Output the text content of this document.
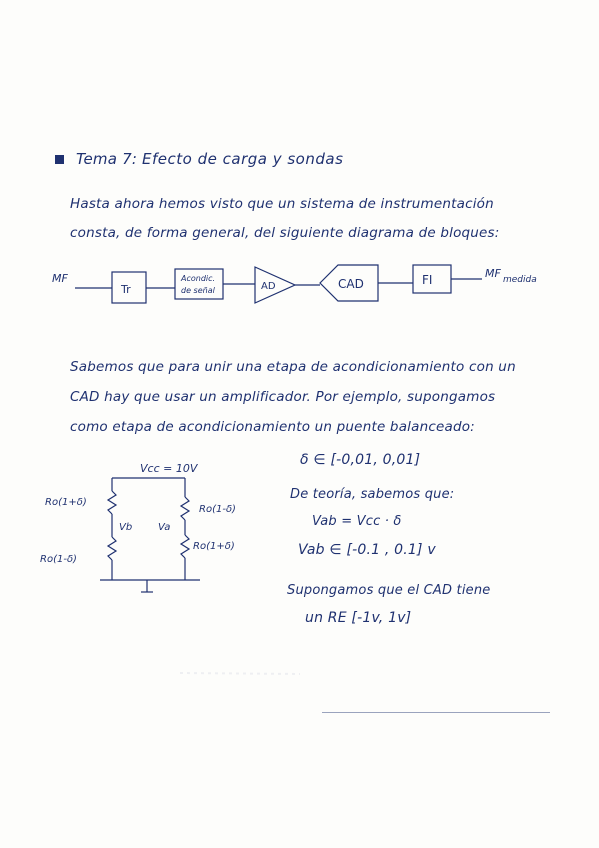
Tema 7: Efecto de carga y sondas
Hasta ahora hemos visto que un sistema de instrumentación
consta, de forma general, del siguiente diagrama de bloques:
MF
Tr
Acondic.
de señal	AD	CAD	FI	MF medida
Sabemos que para unir una etapa de acondicionamiento con un
CAD hay que usar un amplificador. Por ejemplo, supongamos
como etapa de acondicionamiento un puente balanceado:
Vcc = 10V
Ro(1+δ)
Ro(1-δ)
Ro(1-δ)
Ro(1+δ)
Vb	Va
δ ∈ [-0,01, 0,01]
De teoría, sabemos que:
Vab = Vcc · δ
Vab ∈ [-0.1 , 0.1] v
Supongamos que el CAD tiene
un RE [-1v, 1v]
